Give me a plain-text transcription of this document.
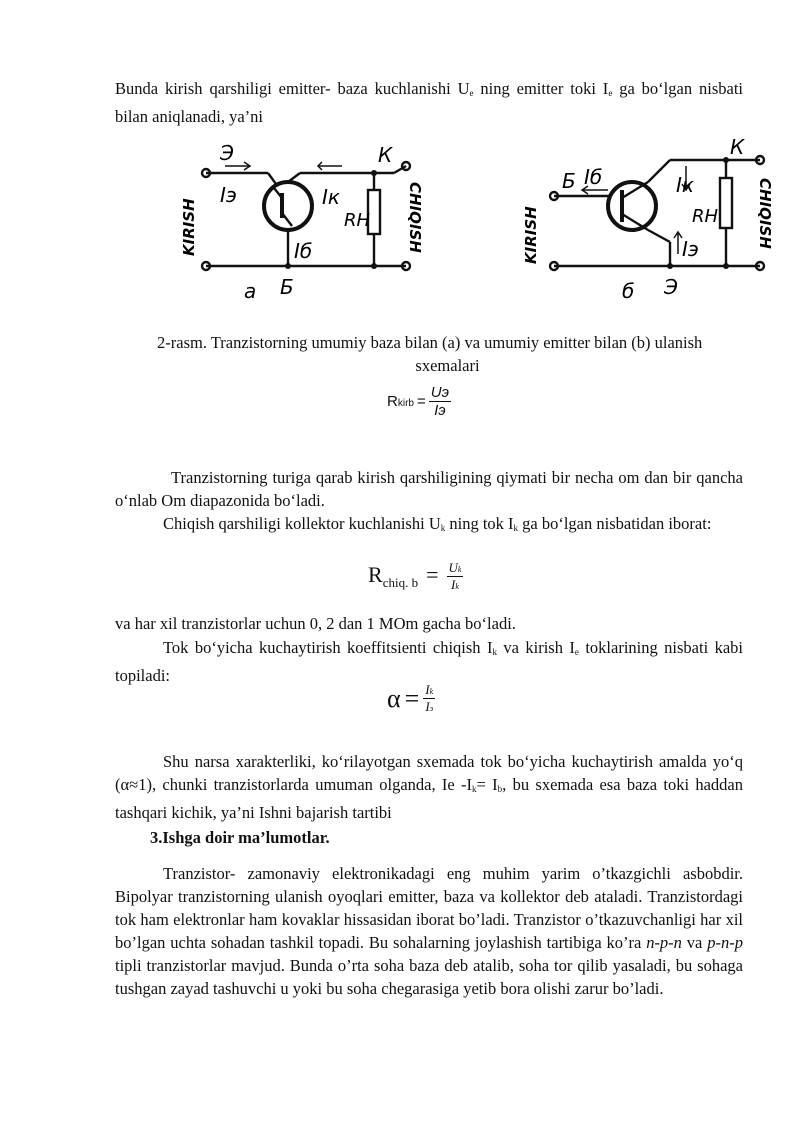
Bunda kirish qarshiligi emitter- baza kuchlanishi $U_e$ ning emitter toki $I_e$ ga bo‘lgan nisbati bilan aniqlanadi, ya’ni

Э	К
Iэ	Iк
RH
Iб
Б
а
KIRISH	CHIQISH
К
Б Iб	Iк
RH
Iэ
б Э
KIRISH	CHIQISH
2-rasm. Tranzistorning umumiy baza bilan (a) va umumiy emitter bilan (b) ulanish
sxemalari
Rkirb = $\frac{Uэ}{Iэ}$

Tranzistorning turiga qarab kirish qarshiligining qiymati bir necha om dan bir qancha o‘nlab Om diapazonida bo‘ladi.

Chiqish qarshiligi kollektor kuchlanishi $U_k$ ning tok $I_k$ ga bo‘lgan nisbatidan iborat:

$R_{chiq. b} = \frac{Uk}{Ik}$

va har xil tranzistorlar uchun 0, 2 dan 1 MOm gacha bo‘ladi.

Tok bo‘yicha kuchaytirish koeffitsienti chiqish $I_k$ va kirish $I_e$ toklarining nisbati kabi topiladi:

$\alpha = \frac{Ik}{Iэ}$

Shu narsa xarakterliki, ko‘rilayotgan sxemada tok bo‘yicha kuchaytirish amalda yo‘q (α≈1), chunki tranzistorlarda umuman olganda, Ie $-I_k= I_b$, bu sxemada esa baza toki haddan tashqari kichik, ya’ni Ishni bajarish tartibi

3.Ishga doir ma’lumotlar.

Tranzistor- zamonaviy elektronikadagi eng muhim yarim o’tkazgichli asbobdir. Bipolyar tranzistorning ulanish oyoqlari emitter, baza va kollektor deb ataladi. Tranzistordagi tok ham elektronlar ham kovaklar hissasidan iborat bo’ladi. Tranzistor o’tkazuvchanligi har xil bo’lgan uchta sohadan tashkil topadi. Bu sohalarning joylashish tartibiga ko’ra n-p-n va p-n-p tipli tranzistorlar mavjud. Bunda o’rta soha baza deb atalib, soha tor qilib yasaladi, bu sohaga tushgan zayad tashuvchi u yoki bu soha chegarasiga yetib bora olishi zarur bo’ladi.
